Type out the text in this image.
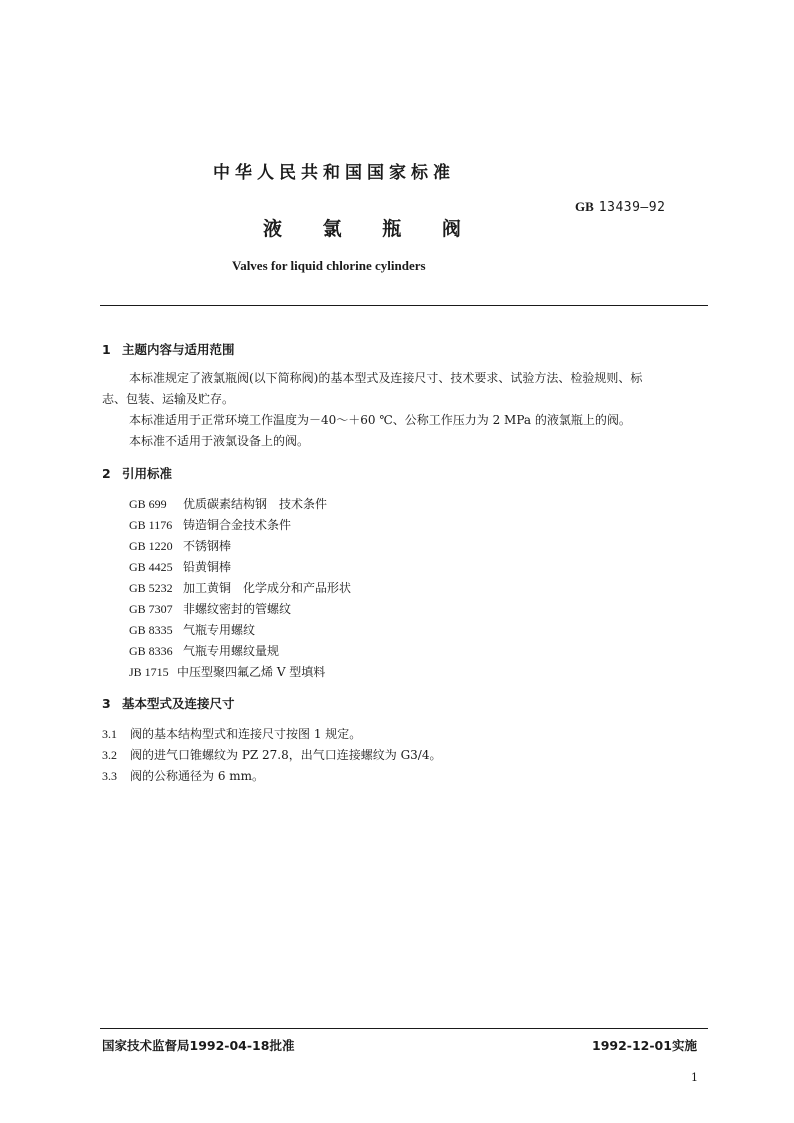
中华人民共和国国家标准
GB 13439—92
液 氯 瓶 阀
Valves for liquid chlorine cylinders
1 主题内容与适用范围
本标准规定了液氯瓶阀(以下简称阀)的基本型式及连接尺寸、技术要求、试验方法、检验规则、标
志、包装、运输及贮存。
本标准适用于正常环境工作温度为－40～＋60 ℃、公称工作压力为 2 MPa 的液氯瓶上的阀。
本标准不适用于液氯设备上的阀。
2 引用标准
GB 699 优质碳素结构钢　技术条件
GB 1176 铸造铜合金技术条件
GB 1220 不锈钢棒
GB 4425 铅黄铜棒
GB 5232 加工黄铜　化学成分和产品形状
GB 7307 非螺纹密封的管螺纹
GB 8335 气瓶专用螺纹
GB 8336 气瓶专用螺纹量规
JB 1715 中压型聚四氟乙烯 V 型填料
3 基本型式及连接尺寸
3.1 阀的基本结构型式和连接尺寸按图 1 规定。
3.2 阀的进气口锥螺纹为 PZ 27.8，出气口连接螺纹为 G3/4。
3.3 阀的公称通径为 6 mm。
国家技术监督局1992-04-18批准	1992-12-01实施
1
